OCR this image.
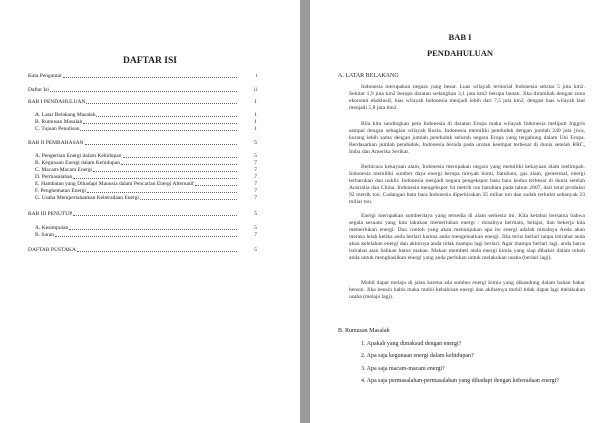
DAFTAR ISI
Kata Pengantar	i
Daftar Isi	ii
BAB I PENDAHULUAN	1
A. Latar Belakang Masalah	1
B. Rumusan Masalah	1
C. Tujuan Penulisan	1
BAB II PEMBAHASAN	5
A. Pengertian Energi dalam Kehidupan	5
B. Kegunaan Energi dalam Kehidupan	7
C. Macam-Macam Energi	7
D. Permasalahan	7
E. Hambatan yang Dihadapi Manusia dalam Pencarian Energi Alternatif	7
F. Penghematan Energi	7
G. Usaha Mempertahankan Keberadaan Energi	7
BAB III PENUTUP	5
A. Kesimpulan	5
B. Saran	7
DAFTAR PUSTAKA	5
BAB I
PENDAHULUAN
A. LATAR BELAKANG
Indonesia merupakan negara yang besar. Luas wilayah teritorial Indonesia sekitar 5 juta km2. Sekitar 1,9 juta km2 berupa daratan sedangkan 3,1 juta km2 berupa lautan. Jika dirambah dengan zona ekonomi eksklusif, luas wilayah Indonesia menjadi lebih dari 7,5 juta km2, dengan luas wilayah laut menjadi 5,8 juta km2.
Bila kita sandingkan peta Indonesia di daratan Eropa maka wilayah Indonesia meliputi Inggris sampai dengan sebagian wilayah Rusia. Indonesia memiliki penduduk dengan jumlah 240 juta jiwa, kurang lebih sama dengan jumlah penduduk seluruh negara Eropa yang tergabung dalam Uni Eropa. Berdasarkan jumlah penduduk, Indonesia berada pada urutan keempat terbesar di dunia setelah RRC, India dan Amerika Serikat.
Berbicara kekayaan alam, Indonesia merupakan negara yang memiliki kekayaan alam melimpah. Indonesia memiliki sumber daya energi berupa minyak bumi, batubara, gas alam, geotermal, energi terbarukan dan nuklir. Indonesia menjadi negara pengekspor batu bara kedua terbesar di dunia setelah Australia dan China. Indonesia mengekspor 64 metrik ton batubara pada tahun 2007, dari total produksi 92 metrik ton. Cadangan batu bara Indonesia diperkirakan 35 miliar ton dan sudah terbukti sebanyak 23 miliar ton.
Energi merupakan sumberdaya yang tersedia di alam semesta ini. Kita ketahui bersama bahwa segala sesuatu yang kita lakukan memerlukan energi : misalnya bermain, belajar, dan bekerja kita memerlukan energi. Dua contoh yang akan menunjukan apa itu energi adalah misalnya Anda akan merasa lelah ketika anda berlari karena anda mengeluarkan energi. Jika terus berlari tanpa istirahat anda akan kelelahan energi dan akhirnya anda tidak mampu lagi berlari. Agar mampu berlari lagi, anda harus istirahat atau bahkan harus makan. Makan membeti anda energi kimia yang siap dibakar dalam tubuh anda untuk menghasilkan energi yang anda perlukan untuk melakukan usaha (berlari lagi).
Mobil dapat melaju di jalan karena ada sumber energi kimia yang dikandung dalam bahan bakar bensin. Jika bensin habis maka mobil kehabisan energi dan akibatnya mobil tidak dapat lagi melakukan usaha (melaju lagi).
B. Rumusan Masalah
1. Apakah yang dimaksud dengan energi?
2. Apa saja kegunaan energi dalam kehidupan?
3. Apa saja macam-macam energi?
4. Apa saja permasalahan-permasalahan yang dihadapi dengan keberadaan energi?
